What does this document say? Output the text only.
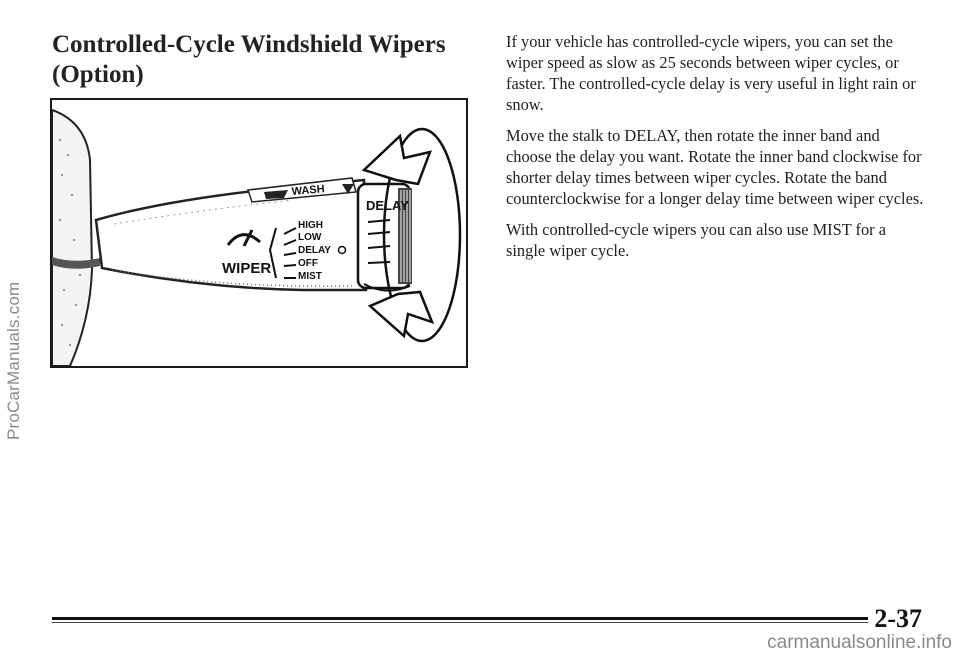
ProCarManuals.com
Controlled-Cycle Windshield Wipers
(Option)
WASH
WIPER
HIGH
LOW
DELAY
OFF
MIST
DELAY

If your vehicle has controlled-cycle wipers, you can set the wiper speed as slow as 25 seconds between wiper cycles, or faster. The controlled-cycle delay is very useful in light rain or snow.

Move the stalk to DELAY, then rotate the inner band and choose the delay you want. Rotate the inner band clockwise for shorter delay times between wiper cycles. Rotate the band counterclockwise for a longer delay time between wiper cycles.

With controlled-cycle wipers you can also use MIST for a single wiper cycle.

2-37
carmanualsonline.info
